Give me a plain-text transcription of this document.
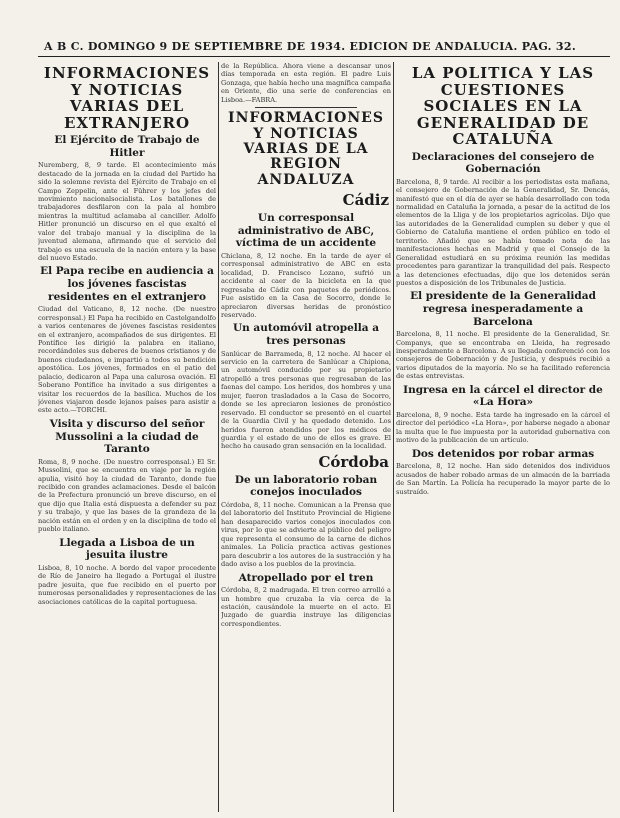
A B C. DOMINGO 9 DE SEPTIEMBRE DE 1934. EDICION DE ANDALUCIA. PAG. 32.
INFORMACIONES Y NOTICIAS VARIAS DEL EXTRANJERO
El Ejército de Trabajo de Hitler

Nuremberg, 8, 9 tarde. El acontecimiento más destacado de la jornada en la ciudad del Partido ha sido la solemne revista del Ejército de Trabajo en el Campo Zeppelin, ante el Führer y los jefes del movimiento nacionalsocialista. Los batallones de trabajadores desfilaron con la pala al hombro mientras la multitud aclamaba al canciller. Adolfo Hitler pronunció un discurso en el que exaltó el valor del trabajo manual y la disciplina de la juventud alemana, afirmando que el servicio del trabajo es una escuela de la nación entera y la base del nuevo Estado.

El Papa recibe en audiencia a los jóvenes fascistas residentes en el extranjero

Ciudad del Vaticano, 8, 12 noche. (De nuestro corresponsal.) El Papa ha recibido en Castelgandolfo a varios centenares de jóvenes fascistas residentes en el extranjero, acompañados de sus dirigentes. El Pontífice les dirigió la palabra en italiano, recordándoles sus deberes de buenos cristianos y de buenos ciudadanos, e impartió a todos su bendición apostólica. Los jóvenes, formados en el patio del palacio, dedicaron al Papa una calurosa ovación. El Soberano Pontífice ha invitado a sus dirigentes a visitar los recuerdos de la basílica. Muchos de los jóvenes viajaron desde lejanos países para asistir a este acto.—TORCHI.

Visita y discurso del señor Mussolini a la ciudad de Taranto

Roma, 8, 9 noche. (De nuestro corresponsal.) El Sr. Mussolini, que se encuentra en viaje por la región apulia, visitó hoy la ciudad de Taranto, donde fue recibido con grandes aclamaciones. Desde el balcón de la Prefectura pronunció un breve discurso, en el que dijo que Italia está dispuesta a defender su paz y su trabajo, y que las bases de la grandeza de la nación están en el orden y en la disciplina de todo el pueblo italiano.

Llegada a Lisboa de un jesuita ilustre

Lisboa, 8, 10 noche. A bordo del vapor procedente de Río de Janeiro ha llegado a Portugal el ilustre padre jesuita, que fue recibido en el puerto por numerosas personalidades y representaciones de las asociaciones católicas de la capital portuguesa.

de la República. Ahora viene a descansar unos días temporada en esta región. El padre Luis Gonzaga, que había hecho una magnífica campaña en Oriente, dio una serie de conferencias en Lisboa.—FABRA.

INFORMACIONES Y NOTICIAS VARIAS DE LA REGION ANDALUZA
Cádiz
Un corresponsal administrativo de ABC, víctima de un accidente

Chiclana, 8, 12 noche. En la tarde de ayer el corresponsal administrativo de ABC en esta localidad, D. Francisco Lozano, sufrió un accidente al caer de la bicicleta en la que regresaba de Cádiz con paquetes de periódicos. Fue asistido en la Casa de Socorro, donde le apreciaron diversas heridas de pronóstico reservado.

Un automóvil atropella a tres personas

Sanlúcar de Barrameda, 8, 12 noche. Al hacer el servicio en la carretera de Sanlúcar a Chipiona, un automóvil conducido por su propietario atropelló a tres personas que regresaban de las faenas del campo. Los heridos, dos hombres y una mujer, fueron trasladados a la Casa de Socorro, donde se les apreciaron lesiones de pronóstico reservado. El conductor se presentó en el cuartel de la Guardia Civil y ha quedado detenido. Los heridos fueron atendidos por los médicos de guardia y el estado de uno de ellos es grave. El hecho ha causado gran sensación en la localidad.

Córdoba
De un laboratorio roban conejos inoculados

Córdoba, 8, 11 noche. Comunican a la Prensa que del laboratorio del Instituto Provincial de Higiene han desaparecido varios conejos inoculados con virus, por lo que se advierte al público del peligro que representa el consumo de la carne de dichos animales. La Policía practica activas gestiones para descubrir a los autores de la sustracción y ha dado aviso a los pueblos de la provincia.

Atropellado por el tren

Córdoba, 8, 2 madrugada. El tren correo arrolló a un hombre que cruzaba la vía cerca de la estación, causándole la muerte en el acto. El Juzgado de guardia instruye las diligencias correspondientes.

LA POLITICA Y LAS CUESTIONES SOCIALES EN LA GENERALIDAD DE CATALUÑA
Declaraciones del consejero de Gobernación

Barcelona, 8, 9 tarde. Al recibir a los periodistas esta mañana, el consejero de Gobernación de la Generalidad, Sr. Dencás, manifestó que en el día de ayer se había desarrollado con toda normalidad en Cataluña la jornada, a pesar de la actitud de los elementos de la Lliga y de los propietarios agrícolas. Dijo que las autoridades de la Generalidad cumplen su deber y que el Gobierno de Cataluña mantiene el orden público en todo el territorio. Añadió que se había tomado nota de las manifestaciones hechas en Madrid y que el Consejo de la Generalidad estudiará en su próxima reunión las medidas procedentes para garantizar la tranquilidad del país. Respecto a las detenciones efectuadas, dijo que los detenidos serán puestos a disposición de los Tribunales de Justicia.

El presidente de la Generalidad regresa inesperadamente a Barcelona

Barcelona, 8, 11 noche. El presidente de la Generalidad, Sr. Companys, que se encontraba en Lleida, ha regresado inesperadamente a Barcelona. A su llegada conferenció con los consejeros de Gobernación y de Justicia, y después recibió a varios diputados de la mayoría. No se ha facilitado referencia de estas entrevistas.

Ingresa en la cárcel el director de «La Hora»

Barcelona, 8, 9 noche. Esta tarde ha ingresado en la cárcel el director del periódico «La Hora», por haberse negado a abonar la multa que le fue impuesta por la autoridad gubernativa con motivo de la publicación de un artículo.

Dos detenidos por robar armas

Barcelona, 8, 12 noche. Han sido detenidos dos individuos acusados de haber robado armas de un almacén de la barriada de San Martín. La Policía ha recuperado la mayor parte de lo sustraído.
